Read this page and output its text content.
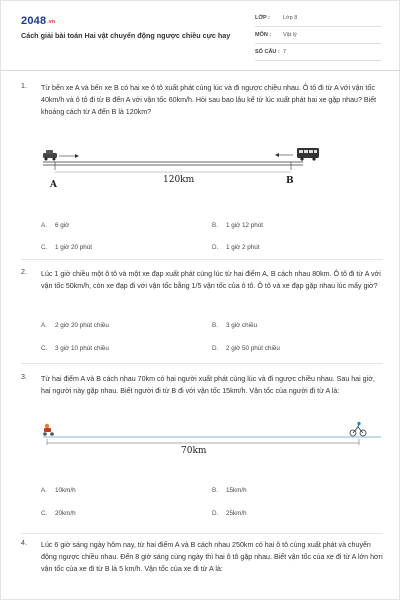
2048.vn
Cách giải bài toán Hai vật chuyển động ngược chiều cực hay
LỚP : Lớp 8
MÔN : Vật lý
SỐ CÂU : 7
1. Từ bến xe A và bến xe B có hai xe ô tô xuất phát cùng lúc và đi ngược chiều nhau. Ô tô đi từ A với vận tốc 40km/h và ô tô đi từ B đến A với vận tốc 60km/h. Hỏi sau bao lâu kể từ lúc xuất phát hai xe gặp nhau? Biết khoảng cách từ A đến B là 120km?
A	120km	B
A. 6 giờ	B. 1 giờ 12 phút
C. 1 giờ 20 phút	D. 1 giờ 2 phút
2. Lúc 1 giờ chiều một ô tô và một xe đạp xuất phát cùng lúc từ hai điểm A, B cách nhau 80km. Ô tô đi từ A với vận tốc 50km/h, còn xe đạp đi với vận tốc bằng 1/5 vận tốc của ô tô. Ô tô và xe đạp gặp nhau lúc mấy giờ?
A. 2 giờ 20 phút chiều	B. 3 giờ chiều
C. 3 giờ 10 phút chiều	D. 2 giờ 50 phút chiều
3. Từ hai điểm A và B cách nhau 70km có hai người xuất phát cùng lúc và đi ngược chiều nhau. Sau hai giờ, hai người này gặp nhau. Biết người đi từ B đi với vận tốc 15km/h. Vận tốc của người đi từ A là:
70km
A. 10km/h	B. 15km/h
C. 20km/h	D. 25km/h
4. Lúc 6 giờ sáng ngày hôm nay, từ hai điểm A và B cách nhau 250km có hai ô tô cùng xuất phát và chuyển động ngược chiều nhau. Đến 8 giờ sáng cùng ngày thì hai ô tô gặp nhau. Biết vận tốc của xe đi từ A lớn hơn vận tốc của xe đi từ B là 5 km/h. Vận tốc của xe đi từ A là:
